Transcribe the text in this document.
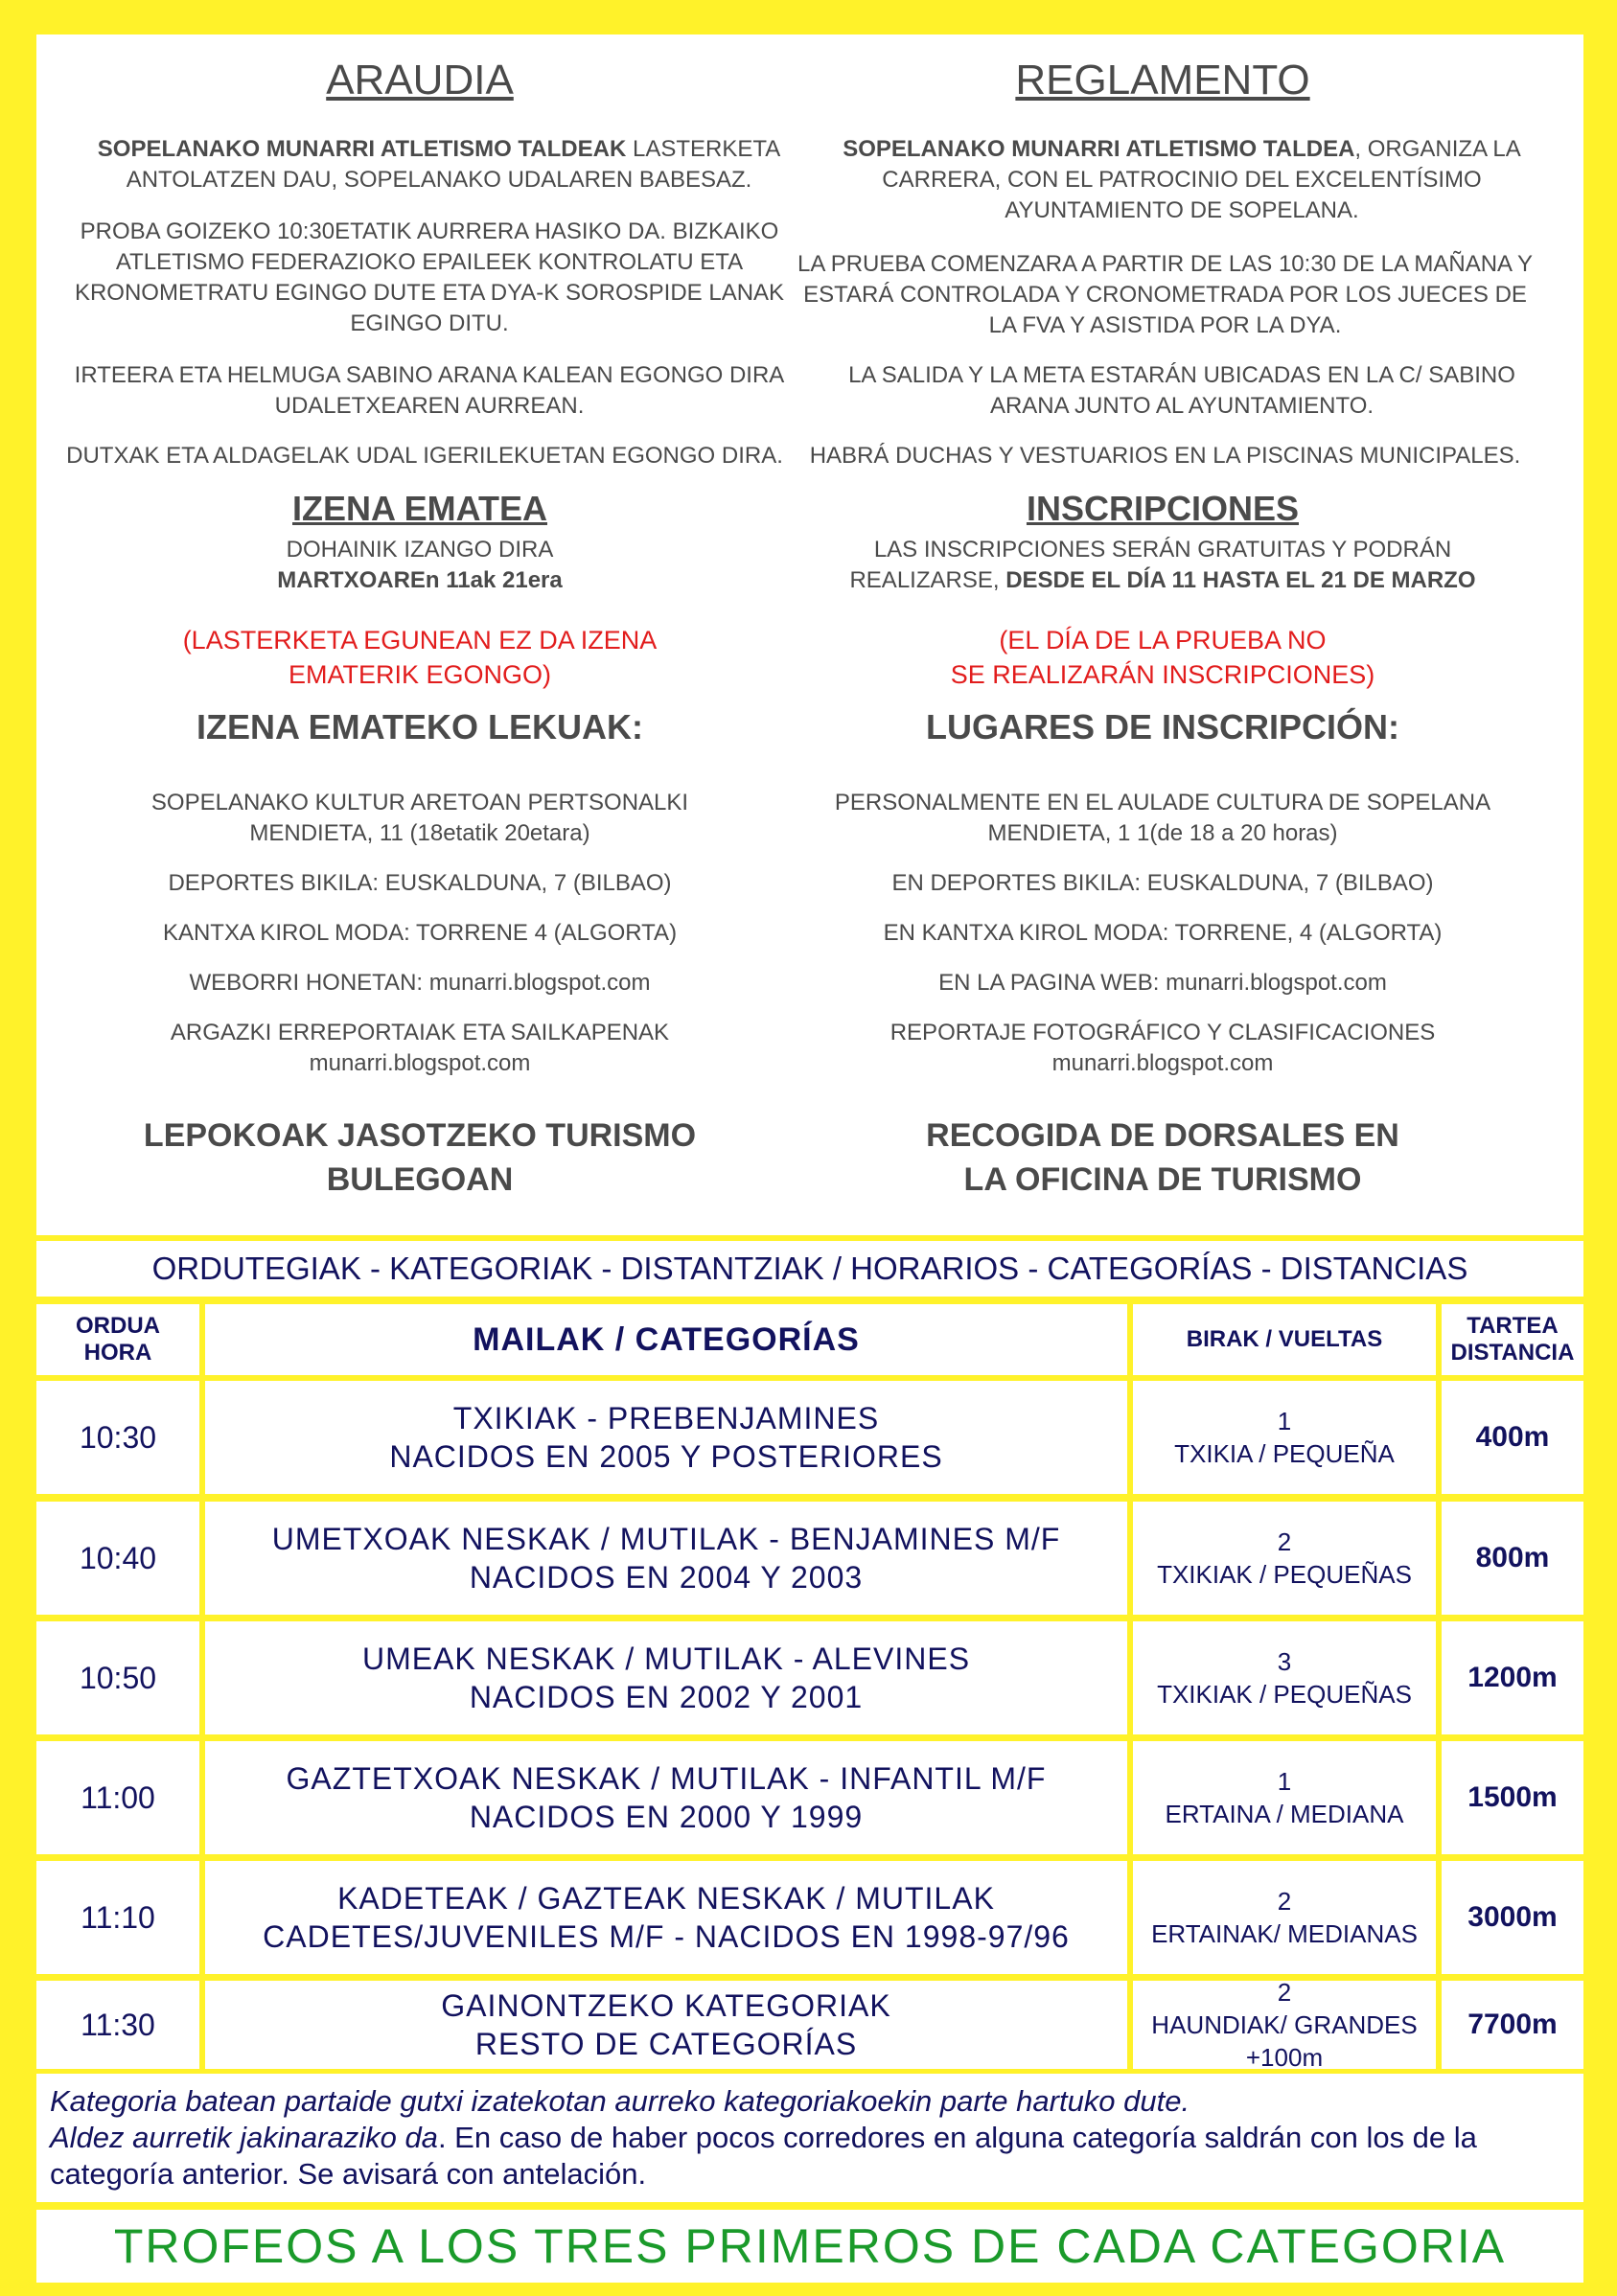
ARAUDIA
SOPELANAKO MUNARRI ATLETISMO TALDEAK LASTERKETA ANTOLATZEN DAU, SOPELANAKO UDALAREN BABESAZ.
PROBA GOIZEKO 10:30ETATIK AURRERA HASIKO DA. BIZKAIKO ATLETISMO FEDERAZIOKO EPAILEEK KONTROLATU ETA KRONOMETRATU EGINGO DUTE ETA DYA-K SOROSPIDE LANAK EGINGO DITU.
IRTEERA ETA HELMUGA SABINO ARANA KALEAN EGONGO DIRA UDALETXEAREN AURREAN.
DUTXAK ETA ALDAGELAK UDAL IGERILEKUETAN EGONGO DIRA.
IZENA EMATEA
DOHAINIK IZANGO DIRA
MARTXOAREn 11ak 21era
(LASTERKETA EGUNEAN EZ DA IZENA
EMATERIK EGONGO)
IZENA EMATEKO LEKUAK:
SOPELANAKO KULTUR ARETOAN PERTSONALKI
MENDIETA, 11 (18etatik 20etara)
DEPORTES BIKILA: EUSKALDUNA, 7 (BILBAO)
KANTXA KIROL MODA: TORRENE 4 (ALGORTA)
WEBORRI HONETAN: munarri.blogspot.com
ARGAZKI ERREPORTAIAK ETA SAILKAPENAK
munarri.blogspot.com
LEPOKOAK JASOTZEKO TURISMO
BULEGOAN
REGLAMENTO
SOPELANAKO MUNARRI ATLETISMO TALDEA, ORGANIZA LA CARRERA, CON EL PATROCINIO DEL EXCELENTÍSIMO AYUNTAMIENTO DE SOPELANA.
LA PRUEBA COMENZARA A PARTIR DE LAS 10:30 DE LA MAÑANA Y ESTARÁ CONTROLADA Y CRONOMETRADA POR LOS JUECES DE LA FVA Y ASISTIDA POR LA DYA.
LA SALIDA Y LA META ESTARÁN UBICADAS EN LA C/ SABINO ARANA JUNTO AL AYUNTAMIENTO.
HABRÁ DUCHAS Y VESTUARIOS EN LA PISCINAS MUNICIPALES.
INSCRIPCIONES
LAS INSCRIPCIONES SERÁN GRATUITAS Y PODRÁN
REALIZARSE, DESDE EL DÍA 11 HASTA EL 21 DE MARZO
(EL DÍA DE LA PRUEBA NO
SE REALIZARÁN INSCRIPCIONES)
LUGARES DE INSCRIPCIÓN:
PERSONALMENTE EN EL AULADE CULTURA DE SOPELANA
MENDIETA, 1 1(de 18 a 20 horas)
EN DEPORTES BIKILA: EUSKALDUNA, 7 (BILBAO)
EN KANTXA KIROL MODA: TORRENE, 4 (ALGORTA)
EN LA PAGINA WEB: munarri.blogspot.com
REPORTAJE FOTOGRÁFICO Y CLASIFICACIONES
munarri.blogspot.com
RECOGIDA DE DORSALES EN
LA OFICINA DE TURISMO
ORDUTEGIAK - KATEGORIAK - DISTANTZIAK / HORARIOS - CATEGORÍAS - DISTANCIAS
ORDUA
HORA	MAILAK / CATEGORÍAS	BIRAK / VUELTAS
TARTEA
DISTANCIA
10:30
TXIKIAK - PREBENJAMINES
NACIDOS EN 2005 Y POSTERIORES
1
TXIKIA / PEQUEÑA
400m
10:40
UMETXOAK NESKAK / MUTILAK - BENJAMINES M/F
NACIDOS EN 2004 Y 2003
2
TXIKIAK / PEQUEÑAS
800m
10:50
UMEAK NESKAK / MUTILAK - ALEVINES
NACIDOS EN 2002 Y 2001
3
TXIKIAK / PEQUEÑAS
1200m
11:00
GAZTETXOAK NESKAK / MUTILAK - INFANTIL M/F
NACIDOS EN 2000 Y 1999
1
ERTAINA / MEDIANA
1500m
11:10
KADETEAK / GAZTEAK NESKAK / MUTILAK
CADETES/JUVENILES M/F - NACIDOS EN 1998-97/96
2
ERTAINAK/ MEDIANAS
3000m
11:30
GAINONTZEKO KATEGORIAK
RESTO DE CATEGORÍAS
2
HAUNDIAK/ GRANDES
+100m
7700m
Kategoria batean partaide gutxi izatekotan aurreko kategoriakoekin parte hartuko dute.
Aldez aurretik jakinaraziko da. En caso de haber pocos corredores en alguna categoría saldrán con los de la categoría anterior. Se avisará con antelación.
TROFEOS A LOS TRES PRIMEROS DE CADA CATEGORIA
